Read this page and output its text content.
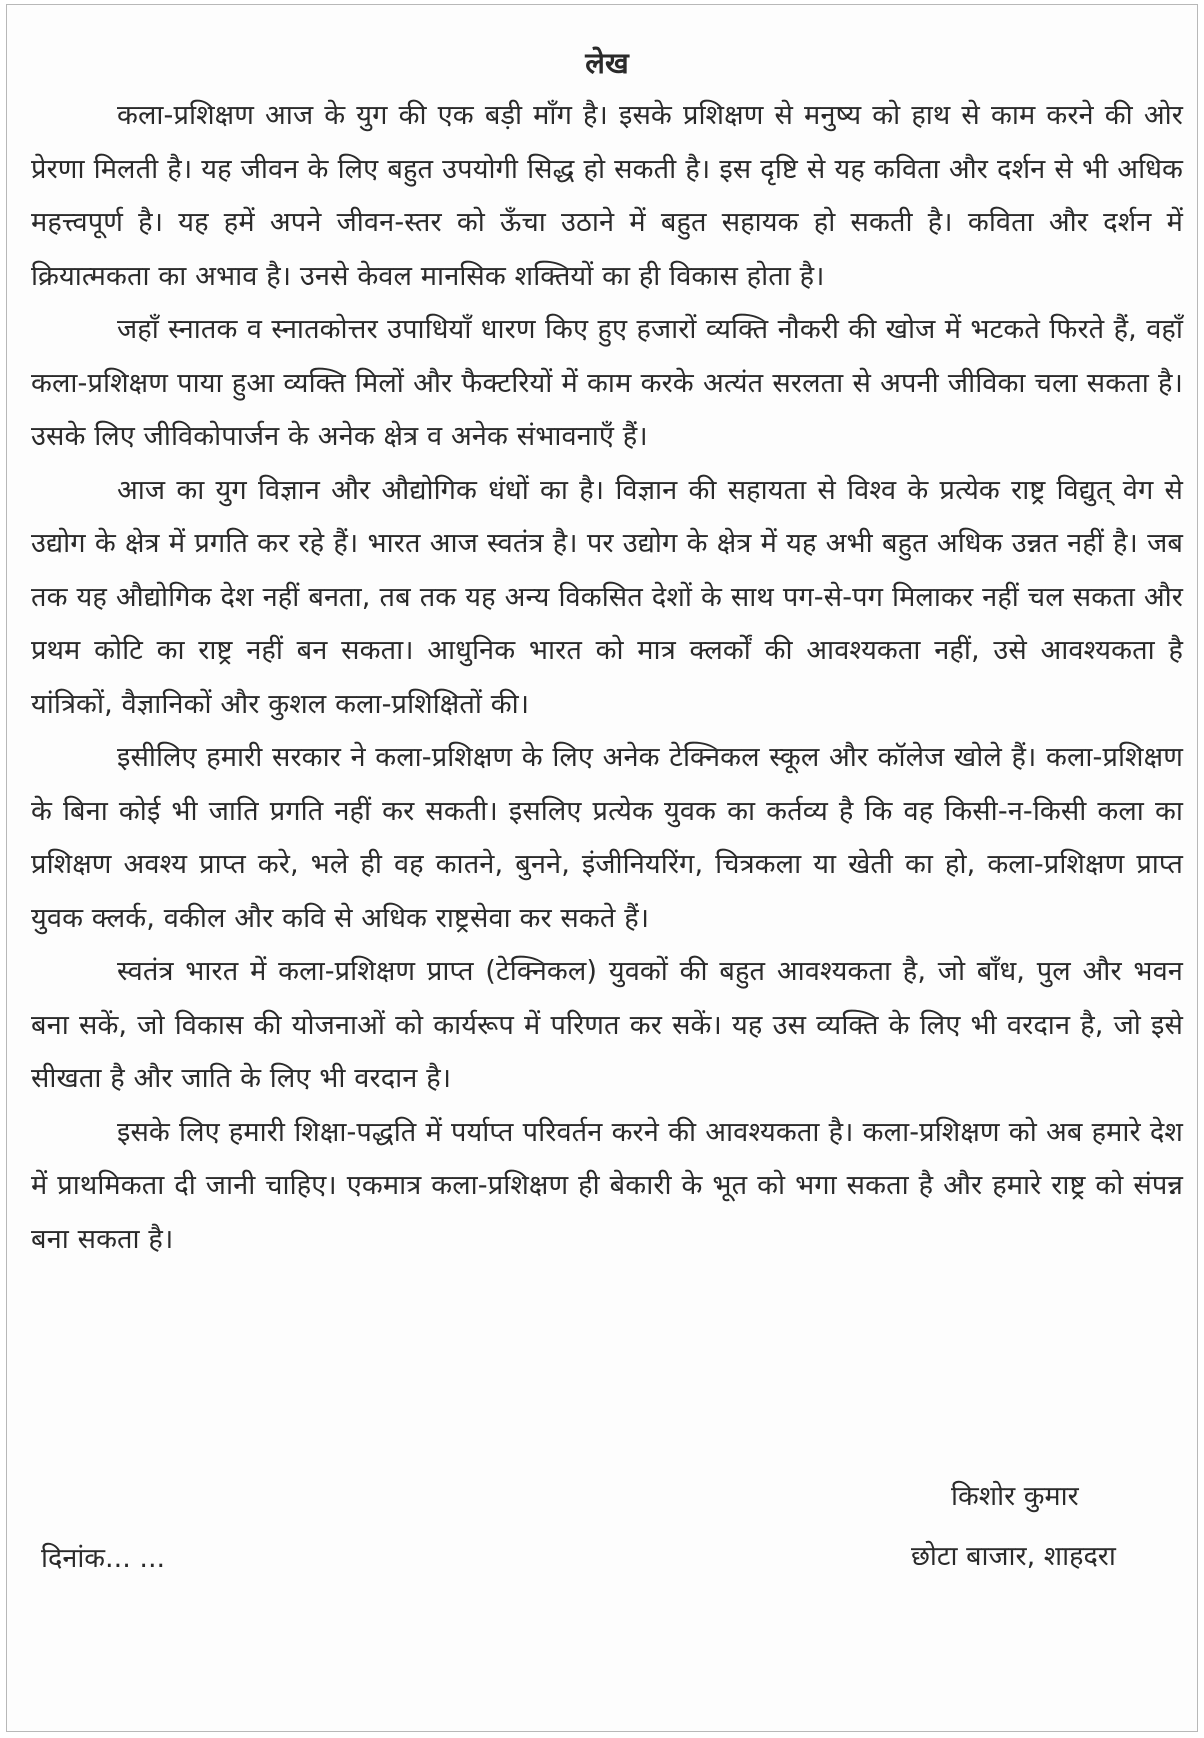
लेख

कला-प्रशिक्षण आज के युग की एक बड़ी माँग है। इसके प्रशिक्षण से मनुष्य को हाथ से काम करने की ओर प्रेरणा मिलती है। यह जीवन के लिए बहुत उपयोगी सिद्ध हो सकती है। इस दृष्टि से यह कविता और दर्शन से भी अधिक महत्त्वपूर्ण है। यह हमें अपने जीवन-स्तर को ऊँचा उठाने में बहुत सहायक हो सकती है। कविता और दर्शन में क्रियात्मकता का अभाव है। उनसे केवल मानसिक शक्तियों का ही विकास होता है।

जहाँ स्नातक व स्नातकोत्तर उपाधियाँ धारण किए हुए हजारों व्यक्ति नौकरी की खोज में भटकते फिरते हैं, वहाँ कला-प्रशिक्षण पाया हुआ व्यक्ति मिलों और फैक्टरियों में काम करके अत्यंत सरलता से अपनी जीविका चला सकता है। उसके लिए जीविकोपार्जन के अनेक क्षेत्र व अनेक संभावनाएँ हैं।

आज का युग विज्ञान और औद्योगिक धंधों का है। विज्ञान की सहायता से विश्व के प्रत्येक राष्ट्र विद्युत् वेग से उद्योग के क्षेत्र में प्रगति कर रहे हैं। भारत आज स्वतंत्र है। पर उद्योग के क्षेत्र में यह अभी बहुत अधिक उन्नत नहीं है। जब तक यह औद्योगिक देश नहीं बनता, तब तक यह अन्य विकसित देशों के साथ पग-से-पग मिलाकर नहीं चल सकता और प्रथम कोटि का राष्ट्र नहीं बन सकता। आधुनिक भारत को मात्र क्लर्कों की आवश्यकता नहीं, उसे आवश्यकता है यांत्रिकों, वैज्ञानिकों और कुशल कला-प्रशिक्षितों की।

इसीलिए हमारी सरकार ने कला-प्रशिक्षण के लिए अनेक टेक्निकल स्कूल और कॉलेज खोले हैं। कला-प्रशिक्षण के बिना कोई भी जाति प्रगति नहीं कर सकती। इसलिए प्रत्येक युवक का कर्तव्य है कि वह किसी-न-किसी कला का प्रशिक्षण अवश्य प्राप्त करे, भले ही वह कातने, बुनने, इंजीनियरिंग, चित्रकला या खेती का हो, कला-प्रशिक्षण प्राप्त युवक क्लर्क, वकील और कवि से अधिक राष्ट्रसेवा कर सकते हैं।

स्वतंत्र भारत में कला-प्रशिक्षण प्राप्त (टेक्निकल) युवकों की बहुत आवश्यकता है, जो बाँध, पुल और भवन बना सकें, जो विकास की योजनाओं को कार्यरूप में परिणत कर सकें। यह उस व्यक्ति के लिए भी वरदान है, जो इसे सीखता है और जाति के लिए भी वरदान है।

इसके लिए हमारी शिक्षा-पद्धति में पर्याप्त परिवर्तन करने की आवश्यकता है। कला-प्रशिक्षण को अब हमारे देश में प्राथमिकता दी जानी चाहिए। एकमात्र कला-प्रशिक्षण ही बेकारी के भूत को भगा सकता है और हमारे राष्ट्र को संपन्न बना सकता है।

किशोर कुमार
छोटा बाजार, शाहदरा
दिनांक... ...
